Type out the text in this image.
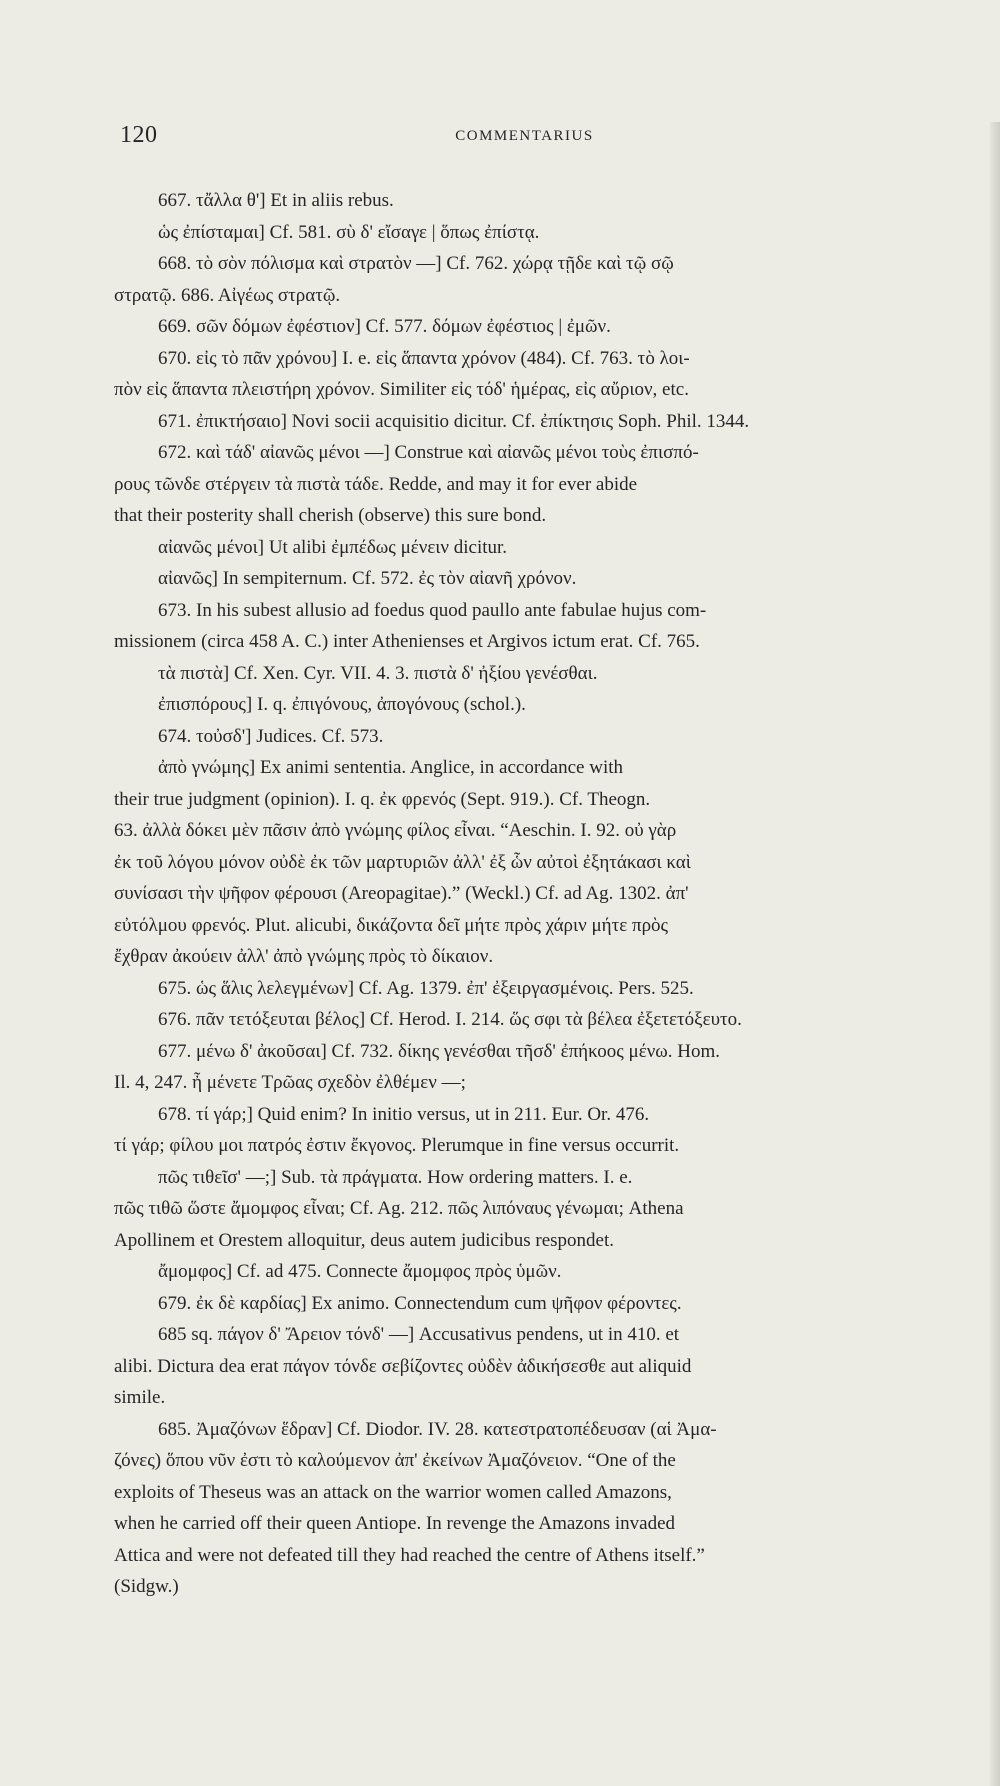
120	COMMENTARIUS
667. τἄλλα θ'] Et in aliis rebus.
ὡς ἐπίσταμαι] Cf. 581. σὺ δ' εἴσαγε | ὅπως ἐπίστᾳ.
668. τὸ σὸν πόλισμα καὶ στρατὸν —] Cf. 762. χώρᾳ τῇδε καὶ τῷ σῷ
στρατῷ. 686. Αἰγέως στρατῷ.
669. σῶν δόμων ἐφέστιον] Cf. 577. δόμων ἐφέστιος | ἐμῶν.
670. εἰς τὸ πᾶν χρόνου] I. e. εἰς ἅπαντα χρόνον (484). Cf. 763. τὸ λοι-
πὸν εἰς ἅπαντα πλειστήρη χρόνον. Similiter εἰς τόδ' ἡμέρας, εἰς αὔριον, etc.
671. ἐπικτήσαιο] Novi socii acquisitio dicitur. Cf. ἐπίκτησις Soph. Phil. 1344.
672. καὶ τάδ' αἰανῶς μένοι —] Construe καὶ αἰανῶς μένοι τοὺς ἐπισπό-
ρους τῶνδε στέργειν τὰ πιστὰ τάδε. Redde, and may it for ever abide
that their posterity shall cherish (observe) this sure bond.
αἰανῶς μένοι] Ut alibi ἐμπέδως μένειν dicitur.
αἰανῶς] In sempiternum. Cf. 572. ἐς τὸν αἰανῆ χρόνον.
673. In his subest allusio ad foedus quod paullo ante fabulae hujus com-
missionem (circa 458 A. C.) inter Athenienses et Argivos ictum erat. Cf. 765.
τὰ πιστὰ] Cf. Xen. Cyr. VII. 4. 3. πιστὰ δ' ἠξίου γενέσθαι.
ἐπισπόρους] I. q. ἐπιγόνους, ἀπογόνους (schol.).
674. τοὐσδ'] Judices. Cf. 573.
ἀπὸ γνώμης] Ex animi sententia. Anglice, in accordance with
their true judgment (opinion). I. q. ἐκ φρενός (Sept. 919.). Cf. Theogn.
63. ἀλλὰ δόκει μὲν πᾶσιν ἀπὸ γνώμης φίλος εἶναι. “Aeschin. I. 92. οὐ γὰρ
ἐκ τοῦ λόγου μόνον οὐδὲ ἐκ τῶν μαρτυριῶν ἀλλ' ἐξ ὧν αὐτοὶ ἐξητάκασι καὶ
συνίσασι τὴν ψῆφον φέρουσι (Areopagitae).” (Weckl.) Cf. ad Ag. 1302. ἀπ'
εὐτόλμου φρενός. Plut. alicubi, δικάζοντα δεῖ μήτε πρὸς χάριν μήτε πρὸς
ἔχθραν ἀκούειν ἀλλ' ἀπὸ γνώμης πρὸς τὸ δίκαιον.
675. ὡς ἅλις λελεγμένων] Cf. Ag. 1379. ἐπ' ἐξειργασμένοις. Pers. 525.
676. πᾶν τετόξευται βέλος] Cf. Herod. I. 214. ὥς σφι τὰ βέλεα ἐξετετόξευτο.
677. μένω δ' ἀκοῦσαι] Cf. 732. δίκης γενέσθαι τῆσδ' ἐπήκοος μένω. Hom.
Il. 4, 247. ἦ μένετε Τρῶας σχεδὸν ἐλθέμεν —;
678. τί γάρ;] Quid enim? In initio versus, ut in 211. Eur. Or. 476.
τί γάρ; φίλου μοι πατρός ἐστιν ἔκγονος. Plerumque in fine versus occurrit.
πῶς τιθεῖσ' —;] Sub. τὰ πράγματα. How ordering matters. I. e.
πῶς τιθῶ ὥστε ἄμομφος εἶναι; Cf. Ag. 212. πῶς λιπόναυς γένωμαι; Athena
Apollinem et Orestem alloquitur, deus autem judicibus respondet.
ἄμομφος] Cf. ad 475. Connecte ἄμομφος πρὸς ὑμῶν.
679. ἐκ δὲ καρδίας] Ex animo. Connectendum cum ψῆφον φέροντες.
685 sq. πάγον δ' Ἄρειον τόνδ' —] Accusativus pendens, ut in 410. et
alibi. Dictura dea erat πάγον τόνδε σεβίζοντες οὐδὲν ἀδικήσεσθε aut aliquid
simile.
685. Ἀμαζόνων ἕδραν] Cf. Diodor. IV. 28. κατεστρατοπέδευσαν (αἱ Ἀμα-
ζόνες) ὅπου νῦν ἐστι τὸ καλούμενον ἀπ' ἐκείνων Ἀμαζόνειον. “One of the
exploits of Theseus was an attack on the warrior women called Amazons,
when he carried off their queen Antiope. In revenge the Amazons invaded
Attica and were not defeated till they had reached the centre of Athens itself.”
(Sidgw.)
